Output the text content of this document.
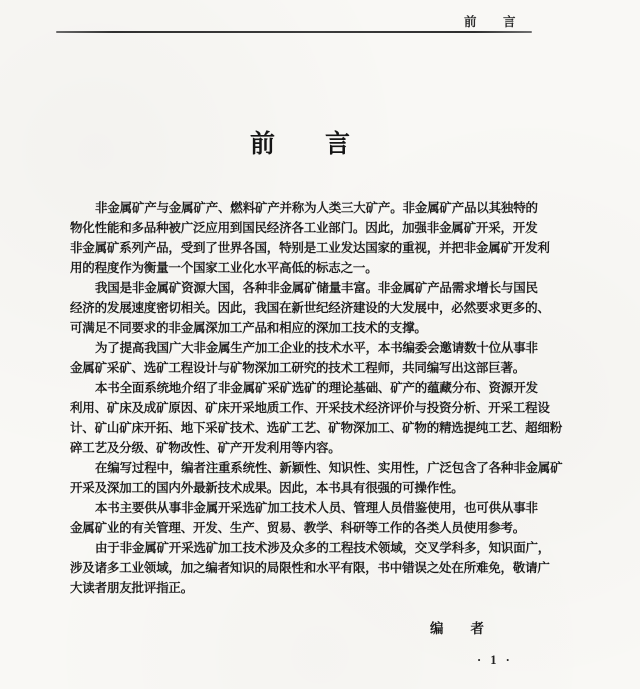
前　　言
前　　言
非金属矿产与金属矿产、燃料矿产并称为人类三大矿产。非金属矿产品以其独特的
物化性能和多品种被广泛应用到国民经济各工业部门。因此，加强非金属矿开采，开发
非金属矿系列产品，受到了世界各国，特别是工业发达国家的重视，并把非金属矿开发利
用的程度作为衡量一个国家工业化水平高低的标志之一。
我国是非金属矿资源大国，各种非金属矿储量丰富。非金属矿产品需求增长与国民
经济的发展速度密切相关。因此，我国在新世纪经济建设的大发展中，必然要求更多的、
可满足不同要求的非金属深加工产品和相应的深加工技术的支撑。
为了提高我国广大非金属生产加工企业的技术水平，本书编委会邀请数十位从事非
金属矿采矿、选矿工程设计与矿物深加工研究的技术工程师，共同编写出这部巨著。
本书全面系统地介绍了非金属矿采矿选矿的理论基础、矿产的蕴藏分布、资源开发
利用、矿床及成矿原因、矿床开采地质工作、开采技术经济评价与投资分析、开采工程设
计、矿山矿床开拓、地下采矿技术、选矿工艺、矿物深加工、矿物的精选提纯工艺、超细粉
碎工艺及分级、矿物改性、矿产开发利用等内容。
在编写过程中，编者注重系统性、新颖性、知识性、实用性，广泛包含了各种非金属矿
开采及深加工的国内外最新技术成果。因此，本书具有很强的可操作性。
本书主要供从事非金属开采选矿加工技术人员、管理人员借鉴使用，也可供从事非
金属矿业的有关管理、开发、生产、贸易、教学、科研等工作的各类人员使用参考。
由于非金属矿开采选矿加工技术涉及众多的工程技术领域，交叉学科多，知识面广，
涉及诸多工业领域，加之编者知识的局限性和水平有限，书中错误之处在所难免，敬请广
大读者朋友批评指正。
编　　者
· 1 ·
